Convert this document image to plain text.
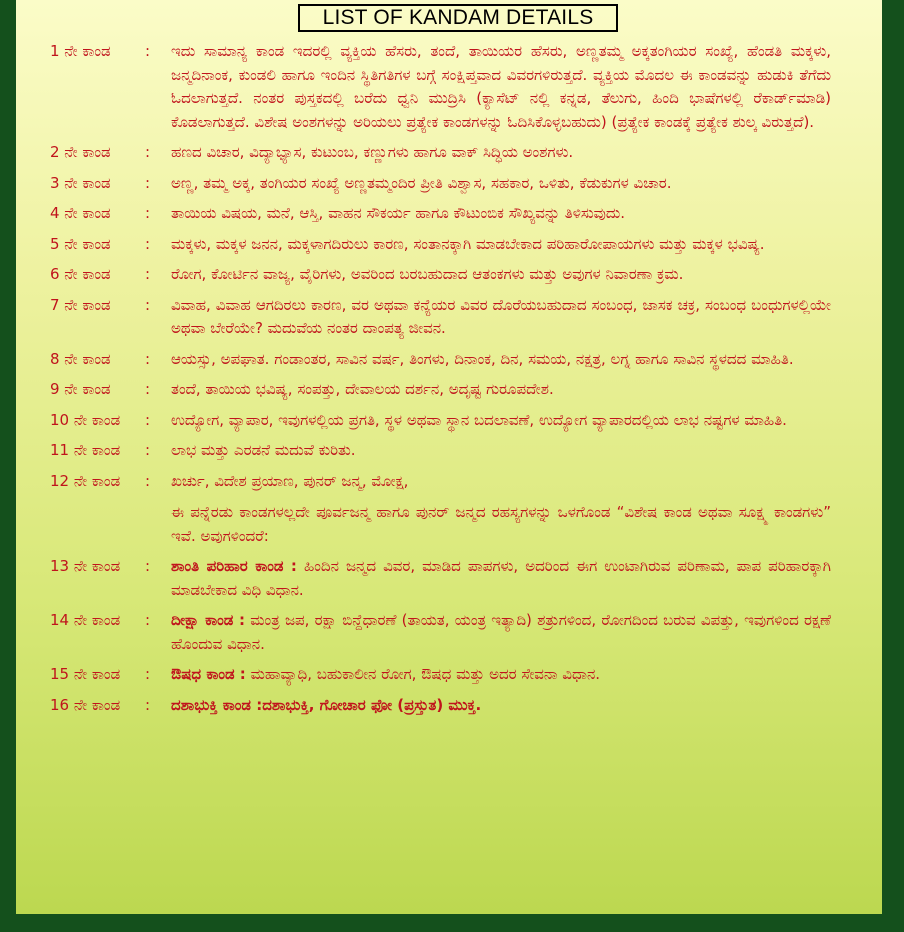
LIST OF KANDAM DETAILS
1 ನೇ ಕಾಂಡ	:	ಇದು ಸಾಮಾನ್ಯ ಕಾಂಡ ಇದರಲ್ಲಿ ವ್ಯಕ್ತಿಯ ಹೆಸರು, ತಂದೆ, ತಾಯಿಯರ ಹೆಸರು, ಅಣ್ಣತಮ್ಮ ಅಕ್ಕತಂಗಿಯರ ಸಂಖ್ಯೆ, ಹೆಂಡತಿ ಮಕ್ಕಳು, ಜನ್ಮದಿನಾಂಕ, ಕುಂಡಲಿ ಹಾಗೂ ಇಂದಿನ ಸ್ಥಿತಿಗತಿಗಳ ಬಗ್ಗೆ ಸಂಕ್ಷಿಪ್ತವಾದ ವಿವರಗಳಿರುತ್ತದೆ. ವ್ಯಕ್ತಿಯ ಮೊದಲ ಈ ಕಾಂಡವನ್ನು ಹುಡುಕಿ ತೆಗೆದು ಓದಲಾಗುತ್ತದೆ. ನಂತರ ಪುಸ್ತಕದಲ್ಲಿ ಬರೆದು ಧ್ವನಿ ಮುದ್ರಿಸಿ (ಕ್ಯಾಸೆಟ್ ನಲ್ಲಿ ಕನ್ನಡ, ತೆಲುಗು, ಹಿಂದಿ ಭಾಷೆಗಳಲ್ಲಿ ರೆಕಾರ್ಡ್‌ಮಾಡಿ) ಕೊಡಲಾಗುತ್ತದೆ. ವಿಶೇಷ ಅಂಶಗಳನ್ನು ಅರಿಯಲು ಪ್ರತ್ಯೇಕ ಕಾಂಡಗಳನ್ನು ಓದಿಸಿಕೊಳ್ಳಬಹುದು) (ಪ್ರತ್ಯೇಕ ಕಾಂಡಕ್ಕೆ ಪ್ರತ್ಯೇಕ ಶುಲ್ಕ ವಿರುತ್ತದೆ).
2 ನೇ ಕಾಂಡ	:	ಹಣದ ವಿಚಾರ, ವಿದ್ಯಾಭ್ಯಾಸ, ಕುಟುಂಬ, ಕಣ್ಣುಗಳು ಹಾಗೂ ವಾಕ್ ಸಿದ್ಧಿಯ ಅಂಶಗಳು.
3 ನೇ ಕಾಂಡ	:	ಅಣ್ಣ, ತಮ್ಮ ಅಕ್ಕ, ತಂಗಿಯರ ಸಂಖ್ಯೆ ಅಣ್ಣತಮ್ಮಂದಿರ ಪ್ರೀತಿ ವಿಶ್ವಾಸ, ಸಹಕಾರ, ಒಳಿತು, ಕೆಡುಕುಗಳ ವಿಚಾರ.
4 ನೇ ಕಾಂಡ	:	ತಾಯಿಯ ವಿಷಯ, ಮನೆ, ಆಸ್ತಿ, ವಾಹನ ಸೌಕರ್ಯ ಹಾಗೂ ಕೌಟುಂಬಿಕ ಸೌಖ್ಯವನ್ನು ತಿಳಿಸುವುದು.
5 ನೇ ಕಾಂಡ	:	ಮಕ್ಕಳು, ಮಕ್ಕಳ ಜನನ, ಮಕ್ಕಳಾಗದಿರುಲು ಕಾರಣ, ಸಂತಾನಕ್ಕಾಗಿ ಮಾಡಬೇಕಾದ ಪರಿಹಾರೋಪಾಯಗಳು ಮತ್ತು ಮಕ್ಕಳ ಭವಿಷ್ಯ.
6 ನೇ ಕಾಂಡ	:	ರೋಗ, ಕೋರ್ಟಿನ ವಾಜ್ಯ, ವೈರಿಗಳು, ಅವರಿಂದ ಬರಬಹುದಾದ ಆತಂಕಗಳು ಮತ್ತು ಅವುಗಳ ನಿವಾರಣಾ ಕ್ರಮ.
7 ನೇ ಕಾಂಡ	:	ವಿವಾಹ, ವಿವಾಹ ಆಗದಿರಲು ಕಾರಣ, ವರ ಅಥವಾ ಕನ್ಯೆಯರ ವಿವರ ದೊರೆಯಬಹುದಾದ ಸಂಬಂಧ, ಜಾಸಕ ಚಕ್ರ, ಸಂಬಂಧ ಬಂಧುಗಳಲ್ಲಿಯೇ ಅಥವಾ ಬೇರೆಯೇ? ಮದುವೆಯ ನಂತರ ದಾಂಪತ್ಯ ಜೀವನ.
8 ನೇ ಕಾಂಡ	:	ಆಯಸ್ಸು, ಅಪಘಾತ. ಗಂಡಾಂತರ, ಸಾವಿನ ವರ್ಷ, ತಿಂಗಳು, ದಿನಾಂಕ, ದಿನ, ಸಮಯ, ನಕ್ಷತ್ರ, ಲಗ್ನ ಹಾಗೂ ಸಾವಿನ ಸ್ಥಳದದ ಮಾಹಿತಿ.
9 ನೇ ಕಾಂಡ	:	ತಂದೆ, ತಾಯಿಯ ಭವಿಷ್ಯ, ಸಂಪತ್ತು, ದೇವಾಲಯ ದರ್ಶನ, ಅದೃಷ್ಟ ಗುರೂಪದೇಶ.
10 ನೇ ಕಾಂಡ	:	ಉದ್ಯೋಗ, ವ್ಯಾಪಾರ, ಇವುಗಳಲ್ಲಿಯ ಪ್ರಗತಿ, ಸ್ಥಳ ಅಥವಾ ಸ್ಥಾನ ಬದಲಾವಣೆ, ಉದ್ಯೋಗ ವ್ಯಾಪಾರದಲ್ಲಿಯ ಲಾಭ ನಷ್ಟಗಳ ಮಾಹಿತಿ.
11 ನೇ ಕಾಂಡ	:	ಲಾಭ ಮತ್ತು ಎರಡನೆ ಮದುವೆ ಕುರಿತು.
12 ನೇ ಕಾಂಡ	:	ಖರ್ಚು, ವಿದೇಶ ಪ್ರಯಾಣ, ಪುನರ್ ಜನ್ಮ, ಮೋಕ್ಷ,

ಈ ಪನ್ನೆರಡು ಕಾಂಡಗಳಲ್ಲದೇ ಪೂರ್ವಜನ್ಮ ಹಾಗೂ ಪುನರ್ ಜನ್ಮದ ರಹಸ್ಯಗಳನ್ನು ಒಳಗೊಂಡ “ವಿಶೇಷ ಕಾಂಡ ಅಥವಾ ಸೂಕ್ಷ್ಮ ಕಾಂಡಗಳು” ಇವೆ. ಅವುಗಳಿಂದರೆ:

13 ನೇ ಕಾಂಡ	:	ಶಾಂತಿ ಪರಿಹಾರ ಕಾಂಡ : ಹಿಂದಿನ ಜನ್ಮದ ವಿವರ, ಮಾಡಿದ ಪಾಪಗಳು, ಅದರಿಂದ ಈಗ ಉಂಟಾಗಿರುವ ಪರಿಣಾಮ, ಪಾಪ ಪರಿಹಾರಕ್ಕಾಗಿ ಮಾಡಬೇಕಾದ ವಿಧಿ ವಿಧಾನ.
14 ನೇ ಕಾಂಡ	:	ದೀಕ್ಷಾ ಕಾಂಡ : ಮಂತ್ರ ಜಪ, ರಕ್ಷಾ ಬಿನ್ದೆಧಾರಣೆ (ತಾಯತ, ಯಂತ್ರ ಇತ್ಯಾದಿ) ಶತ್ರುಗಳಿಂದ, ರೋಗದಿಂದ ಬರುವ ವಿಪತ್ತು, ಇವುಗಳಿಂದ ರಕ್ಷಣೆ ಹೊಂದುವ ವಿಧಾನ.
15 ನೇ ಕಾಂಡ	:	ಔಷಧ ಕಾಂಡ : ಮಹಾವ್ಯಾಧಿ, ಬಹುಕಾಲೀನ ರೋಗ, ಔಷಧ ಮತ್ತು ಅದರ ಸೇವನಾ ವಿಧಾನ.
16 ನೇ ಕಾಂಡ	:	ದಶಾಭುಕ್ತಿ ಕಾಂಡ :ದಶಾಭುಕ್ತಿ, ಗೋಚಾರ ಫೋ (ಪ್ರಸ್ತುತ) ಮುಕ್ತ.
